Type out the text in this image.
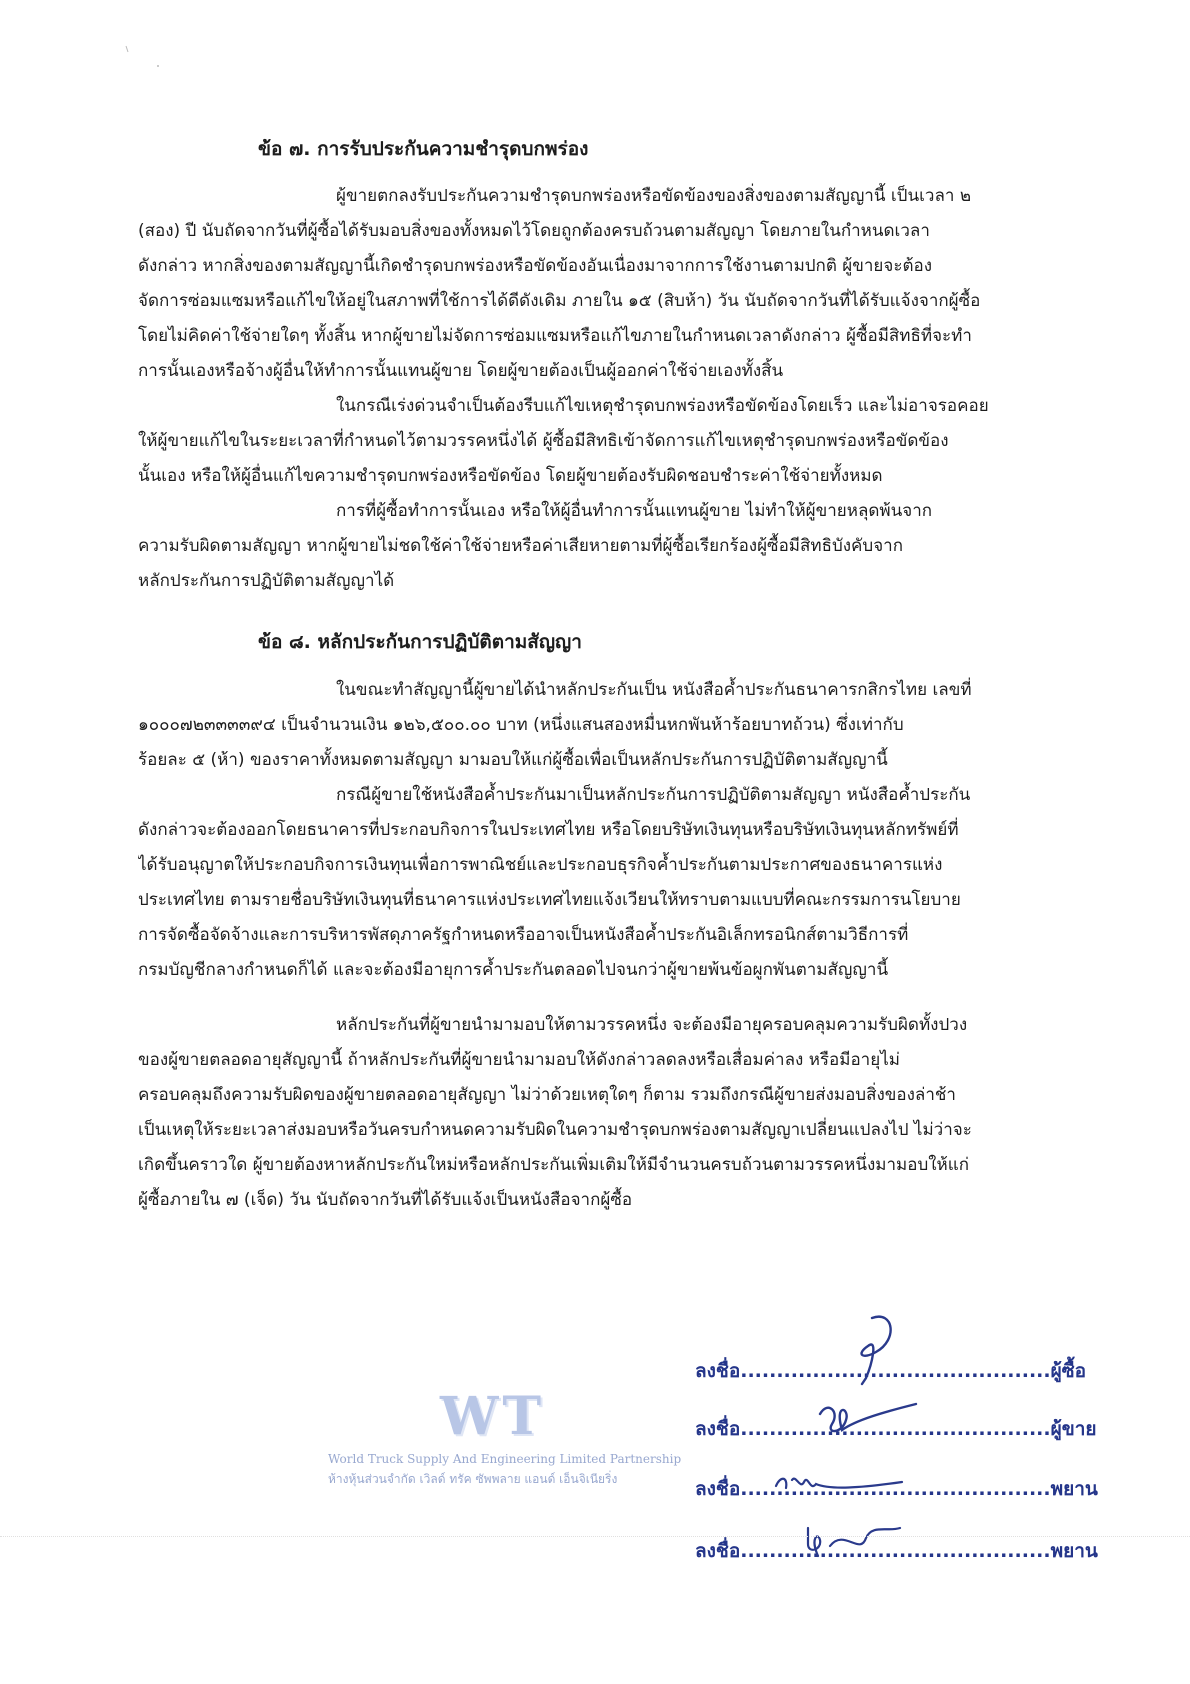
ข้อ ๗. การรับประกันความชำรุดบกพร่อง

ผู้ขายตกลงรับประกันความชำรุดบกพร่องหรือขัดข้องของสิ่งของตามสัญญานี้ เป็นเวลา ๒

(สอง) ปี นับถัดจากวันที่ผู้ซื้อได้รับมอบสิ่งของทั้งหมดไว้โดยถูกต้องครบถ้วนตามสัญญา โดยภายในกำหนดเวลา

ดังกล่าว หากสิ่งของตามสัญญานี้เกิดชำรุดบกพร่องหรือขัดข้องอันเนื่องมาจากการใช้งานตามปกติ ผู้ขายจะต้อง

จัดการซ่อมแซมหรือแก้ไขให้อยู่ในสภาพที่ใช้การได้ดีดังเดิม ภายใน ๑๕ (สิบห้า) วัน นับถัดจากวันที่ได้รับแจ้งจากผู้ซื้อ

โดยไม่คิดค่าใช้จ่ายใดๆ ทั้งสิ้น หากผู้ขายไม่จัดการซ่อมแซมหรือแก้ไขภายในกำหนดเวลาดังกล่าว ผู้ซื้อมีสิทธิที่จะทำ

การนั้นเองหรือจ้างผู้อื่นให้ทำการนั้นแทนผู้ขาย โดยผู้ขายต้องเป็นผู้ออกค่าใช้จ่ายเองทั้งสิ้น

ในกรณีเร่งด่วนจำเป็นต้องรีบแก้ไขเหตุชำรุดบกพร่องหรือขัดข้องโดยเร็ว และไม่อาจรอคอย

ให้ผู้ขายแก้ไขในระยะเวลาที่กำหนดไว้ตามวรรคหนึ่งได้ ผู้ซื้อมีสิทธิเข้าจัดการแก้ไขเหตุชำรุดบกพร่องหรือขัดข้อง

นั้นเอง หรือให้ผู้อื่นแก้ไขความชำรุดบกพร่องหรือขัดข้อง โดยผู้ขายต้องรับผิดชอบชำระค่าใช้จ่ายทั้งหมด

การที่ผู้ซื้อทำการนั้นเอง หรือให้ผู้อื่นทำการนั้นแทนผู้ขาย ไม่ทำให้ผู้ขายหลุดพ้นจาก

ความรับผิดตามสัญญา หากผู้ขายไม่ชดใช้ค่าใช้จ่ายหรือค่าเสียหายตามที่ผู้ซื้อเรียกร้องผู้ซื้อมีสิทธิบังคับจาก

หลักประกันการปฏิบัติตามสัญญาได้

ข้อ ๘. หลักประกันการปฏิบัติตามสัญญา

ในขณะทำสัญญานี้ผู้ขายได้นำหลักประกันเป็น หนังสือค้ำประกันธนาคารกสิกรไทย เลขที่

๑๐๐๐๗๒๓๓๓๓๙๔ เป็นจำนวนเงิน ๑๒๖,๕๐๐.๐๐ บาท (หนึ่งแสนสองหมื่นหกพันห้าร้อยบาทถ้วน) ซึ่งเท่ากับ

ร้อยละ ๕ (ห้า) ของราคาทั้งหมดตามสัญญา มามอบให้แก่ผู้ซื้อเพื่อเป็นหลักประกันการปฏิบัติตามสัญญานี้

กรณีผู้ขายใช้หนังสือค้ำประกันมาเป็นหลักประกันการปฏิบัติตามสัญญา หนังสือค้ำประกัน

ดังกล่าวจะต้องออกโดยธนาคารที่ประกอบกิจการในประเทศไทย หรือโดยบริษัทเงินทุนหรือบริษัทเงินทุนหลักทรัพย์ที่

ได้รับอนุญาตให้ประกอบกิจการเงินทุนเพื่อการพาณิชย์และประกอบธุรกิจค้ำประกันตามประกาศของธนาคารแห่ง

ประเทศไทย ตามรายชื่อบริษัทเงินทุนที่ธนาคารแห่งประเทศไทยแจ้งเวียนให้ทราบตามแบบที่คณะกรรมการนโยบาย

การจัดซื้อจัดจ้างและการบริหารพัสดุภาครัฐกำหนดหรืออาจเป็นหนังสือค้ำประกันอิเล็กทรอนิกส์ตามวิธีการที่

กรมบัญชีกลางกำหนดก็ได้ และจะต้องมีอายุการค้ำประกันตลอดไปจนกว่าผู้ขายพ้นข้อผูกพันตามสัญญานี้

หลักประกันที่ผู้ขายนำมามอบให้ตามวรรคหนึ่ง จะต้องมีอายุครอบคลุมความรับผิดทั้งปวง

ของผู้ขายตลอดอายุสัญญานี้ ถ้าหลักประกันที่ผู้ขายนำมามอบให้ดังกล่าวลดลงหรือเสื่อมค่าลง หรือมีอายุไม่

ครอบคลุมถึงความรับผิดของผู้ขายตลอดอายุสัญญา ไม่ว่าด้วยเหตุใดๆ ก็ตาม รวมถึงกรณีผู้ขายส่งมอบสิ่งของล่าช้า

เป็นเหตุให้ระยะเวลาส่งมอบหรือวันครบกำหนดความรับผิดในความชำรุดบกพร่องตามสัญญาเปลี่ยนแปลงไป ไม่ว่าจะ

เกิดขึ้นคราวใด ผู้ขายต้องหาหลักประกันใหม่หรือหลักประกันเพิ่มเติมให้มีจำนวนครบถ้วนตามวรรคหนึ่งมามอบให้แก่

ผู้ซื้อภายใน ๗ (เจ็ด) วัน นับถัดจากวันที่ได้รับแจ้งเป็นหนังสือจากผู้ซื้อ

WT
World Truck Supply And Engineering Limited Partnership
ห้างหุ้นส่วนจำกัด เวิลด์ ทรัค ซัพพลาย แอนด์ เอ็นจิเนียริ่ง

ลงชื่อ...........................................ผู้ซื้อ

ลงชื่อ...........................................ผู้ขาย

ลงชื่อ...........................................พยาน

ลงชื่อ...........................................พยาน
